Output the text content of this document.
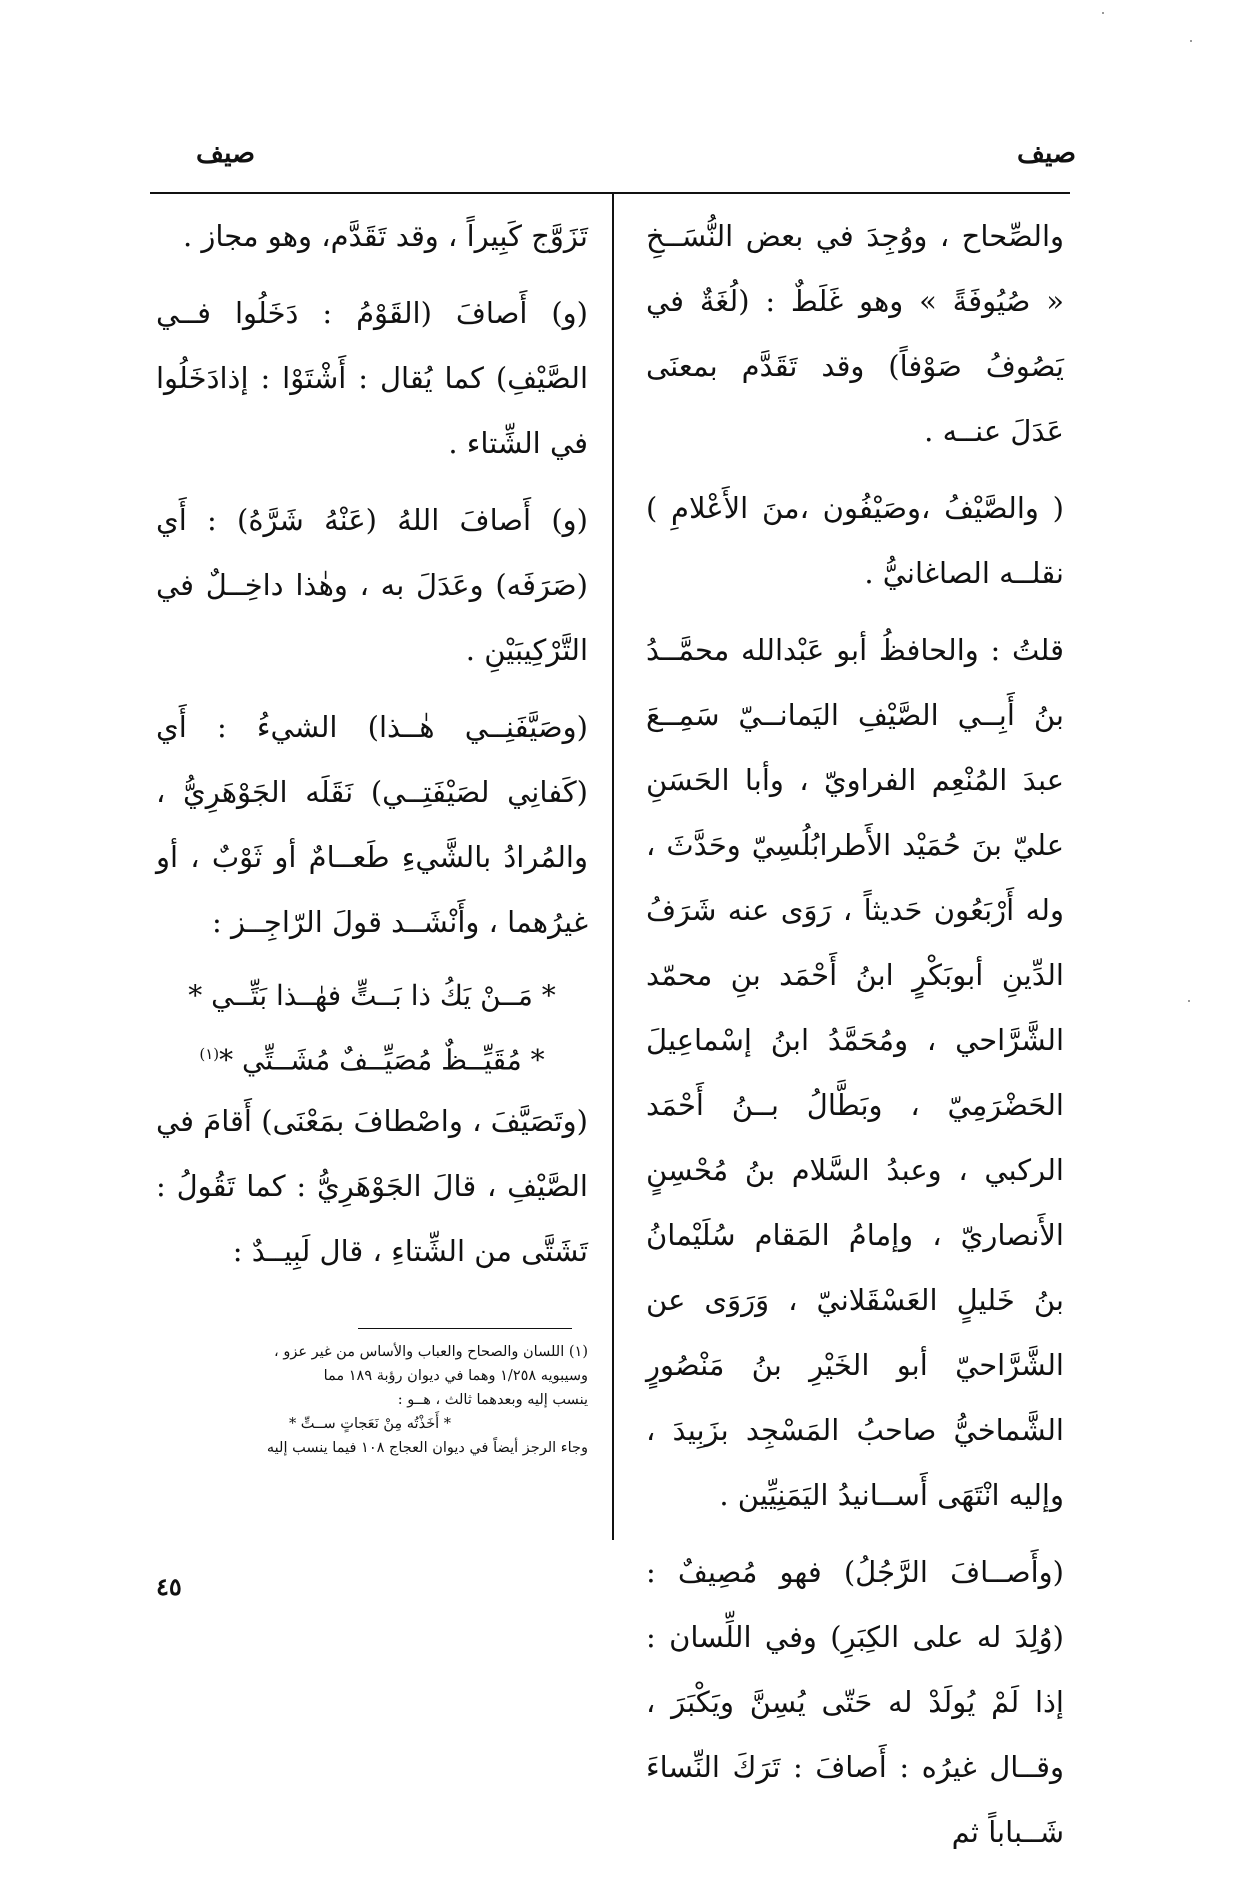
صيف
صيف

والصِّحاح ، ووُجِدَ في بعض النُّسَــخِ « صُيُوفَةً » وهو غَلَطٌ : (لُغَةٌ في يَصُوفُ صَوْفاً) وقد تَقَدَّم بمعنَى عَدَلَ عنــه .

( والصَّيْفُ ،وصَيْفُون ،منَ الأَعْلامِ ) نقلــه الصاغانيُّ .

قلتُ : والحافظُ أبو عَبْدالله محمَّــدُ بنُ أَبِــي الصَّيْفِ اليَمانــيّ سَمِــعَ عبدَ المُنْعِم الفراويّ ، وأبا الحَسَنِ عليّ بنَ حُمَيْد الأَطرابُلُسِيّ وحَدَّثَ ، وله أَرْبَعُون حَديثاً ، رَوَى عنه شَرَفُ الدِّينِ أبوبَكْرٍ ابنُ أَحْمَد بنِ محمّد الشَّرَّاحي ، ومُحَمَّدُ ابنُ إسْماعِيلَ الحَضْرَمِيّ ، وبَطَّالُ بــنُ أَحْمَد الركبي ، وعبدُ السَّلام بنُ مُحْسِنٍ الأَنصاريّ ، وإمامُ المَقام سُلَيْمانُ بنُ خَليلٍ العَسْقَلانيّ ، وَرَوَى عن الشَّرَّاحيّ أبو الخَيْرِ بنُ مَنْصُورٍ الشَّماخيُّ صاحبُ المَسْجِد بزَبِيدَ ، وإليه انْتَهَى أَســانيدُ اليَمَنِيِّين .

(وأَصــافَ الرَّجُلُ) فهو مُصِيفٌ : (وُلِدَ له على الكِبَرِ) وفي اللِّسان : إذا لَمْ يُولَدْ له حَتّى يُسِنَّ ويَكْبَرَ ، وقــال غيرُه : أَصافَ : تَرَكَ النِّساءَ شَــباباً ثم

تَزَوَّج كَبِيراً ، وقد تَقَدَّم، وهو مجاز .

(و) أَصافَ (القَوْمُ : دَخَلُوا فــي الصَّيْفِ) كما يُقال : أَشْتَوْا : إذادَخَلُوا في الشِّتاء .

(و) أَصافَ اللهُ (عَنْهُ شَرَّهُ) : أَي (صَرَفَه) وعَدَلَ به ، وهٰذا داخِــلٌ في التَّرْكِيبَيْنِ .

(وصَيَّفَنِــي هٰــذا) الشيءُ : أَي (كَفانِي لصَيْفَتِــي) نَقَلَه الجَوْهَرِيُّ ، والمُرادُ بالشَّيءِ طَعــامٌ أو ثَوْبٌ ، أو غيرُهما ، وأَنْشَــد قولَ الرّاجِــز :

* مَــنْ يَكُ ذا بَــتٍّ فهٰــذا بَتِّــي *

* مُقَيِّــظٌ مُصَيِّــفٌ مُشَــتِّي *$^{(١)}$

(وتَصَيَّفَ ، واصْطافَ بمَعْنَى) أَقامَ في الصَّيْفِ ، قالَ الجَوْهَرِيُّ : كما تَقُولُ : تَشَتَّى من الشِّتاءِ ، قال لَبِيــدٌ :

(١) اللسان والصحاح والعباب والأساس من غير عزو ،

وسيبويه ١/٢٥٨ وهما في ديوان رؤبة ١٨٩ مما

ينسب إليه وبعدهما ثالث ، هــو :

* أَخَذْتُه مِنْ نَعَجاتٍ ســتِّ *

وجاء الرجز أيضاً في ديوان العجاج ١٠٨ فيما ينسب إليه

٤٥
